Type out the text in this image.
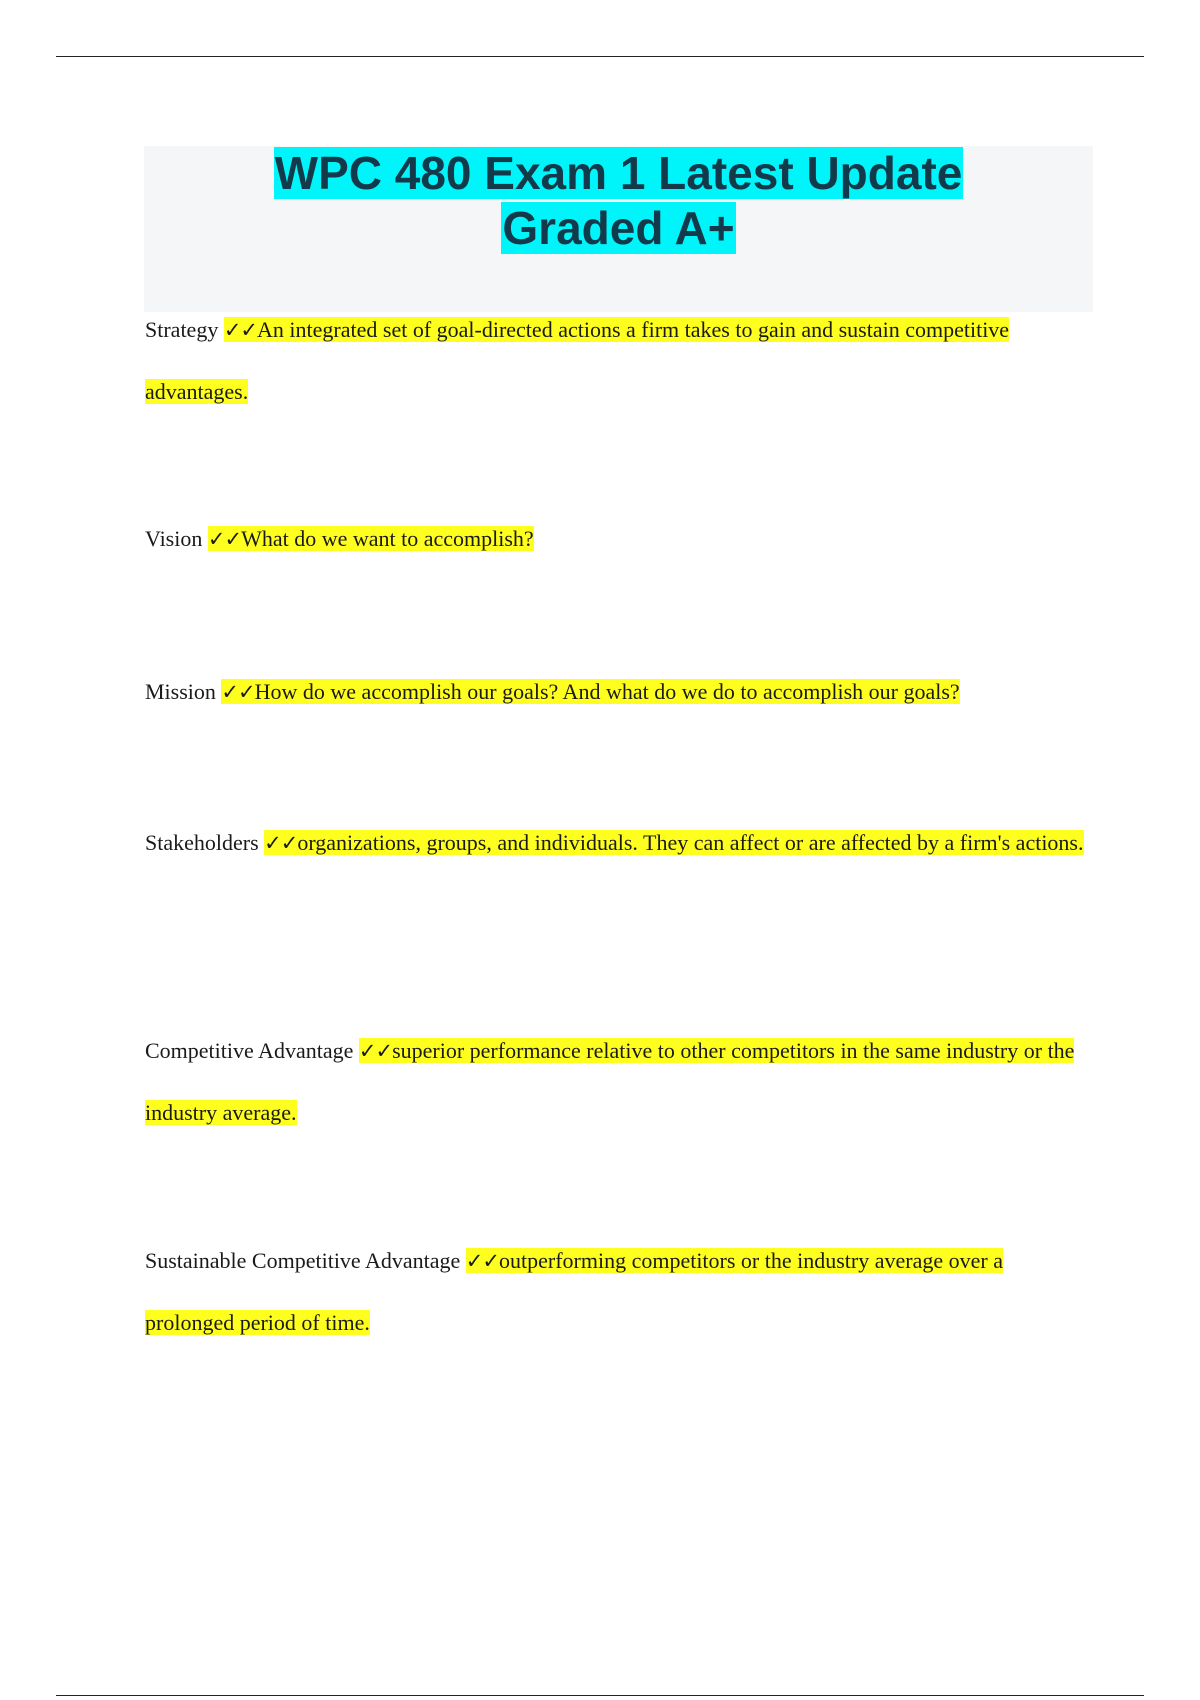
WPC 480 Exam 1 Latest Update
Graded A+
Strategy ✓✓An integrated set of goal-directed actions a firm takes to gain and sustain competitive advantages.
Vision ✓✓What do we want to accomplish?
Mission ✓✓How do we accomplish our goals? And what do we do to accomplish our goals?
Stakeholders ✓✓organizations, groups, and individuals. They can affect or are affected by a firm's actions.
Competitive Advantage ✓✓superior performance relative to other competitors in the same industry or the industry average.
Sustainable Competitive Advantage ✓✓outperforming competitors or the industry average over a prolonged period of time.
